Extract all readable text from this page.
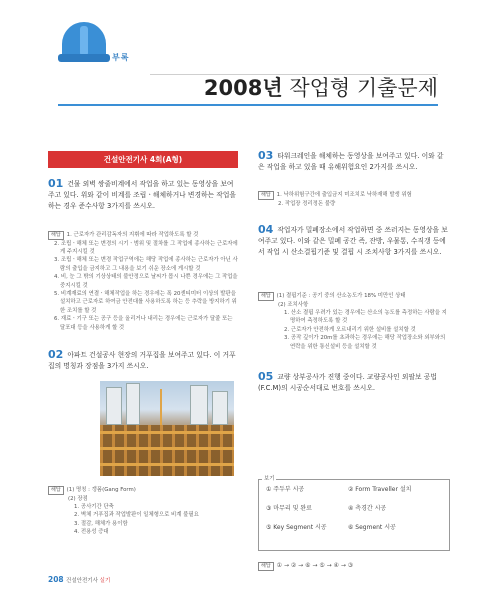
부록
2008년 작업형 기출문제
건설안전기사 4회(A형)
01 건물 외벽 쌍줄비계에서 작업을 하고 있는 동영상을 보여주고 있다. 위와 같이 비계를 조립ㆍ해체하거나 변경하는 작업을 하는 경우 준수사항 3가지를 쓰시오.
해답 1. 근로자가 관리감독자의 지휘에 따라 작업하도록 할 것
2. 조립ㆍ해체 또는 변경의 시기ㆍ범위 및 절차를 그 작업에 종사하는 근로자에게 주지시킬 것
3. 조립ㆍ해체 또는 변경 작업구역에는 해당 작업에 종사하는 근로자가 아닌 사람의 출입을 금지하고 그 내용을 보기 쉬운 장소에 게시할 것
4. 비, 눈 그 밖의 기상상태의 불안정으로 날씨가 몹시 나쁜 경우에는 그 작업을 중지시킬 것
5. 비계재료의 연결ㆍ해체작업을 하는 경우에는 폭 20센티미터 이상의 발판을 설치하고 근로자로 하여금 안전대를 사용하도록 하는 등 추락을 방지하기 위한 조치를 할 것
6. 재료ㆍ기구 또는 공구 등을 올리거나 내리는 경우에는 근로자가 달줄 또는 달포대 등을 사용하게 할 것
02 아파트 건설공사 현장의 거푸집을 보여주고 있다. 이 거푸집의 명칭과 장점을 3가지 쓰시오.
해답 (1) 명칭 : 갱폼(Gang Form)
(2) 장점
1. 공사기간 단축
2. 벽체 거푸집과 작업발판이 일체형으로 비계 불필요
3. 절감, 해체가 용이함
4. 전용성 증대
03 타워크레인을 해체하는 동영상을 보여주고 있다. 이와 같은 작업을 하고 있을 때 유해위험요인 2가지를 쓰시오.
해답 1. 낙하위험구간에 출입금지 미조치로 낙하재해 발생 위험
2. 작업장 정리정돈 불량
04 작업자가 밀폐장소에서 작업하면 중 쓰러지는 동영상을 보여주고 있다. 이와 같은 밀폐 공간 즉, 잔방, 우물통, 수직갱 등에서 작업 시 산소결핍기준 및 결핍 시 조치사항 3가지를 쓰시오.
해답 (1) 결핍기준 : 공기 중의 산소농도가 18% 미만인 상태
(2) 조치사항
1. 산소 결핍 우려가 있는 경우에는 산소의 농도를 측정하는 사람을 지명하여 측정하도록 할 것
2. 근로자가 안전하게 오르내리기 위한 설비를 설치할 것
3. 공작 깊이가 20m를 초과하는 경우에는 해당 작업장소와 외부와의 연락을 위한 통신설비 등을 설치할 것
05 교량 상부공사가 진행 중이다. 교량공사인 외팔보 공법(F.C.M)의 시공순서대로 번호를 쓰시오.
보기
① 주두부 시공	② Form Traveller 설치
③ 마무리 및 완료	④ 측경간 시공
⑤ Key Segment 시공	⑥ Segment 시공
해답 ① → ② → ⑥ → ⑤ → ④ → ③
208 건설안전기사 실기
